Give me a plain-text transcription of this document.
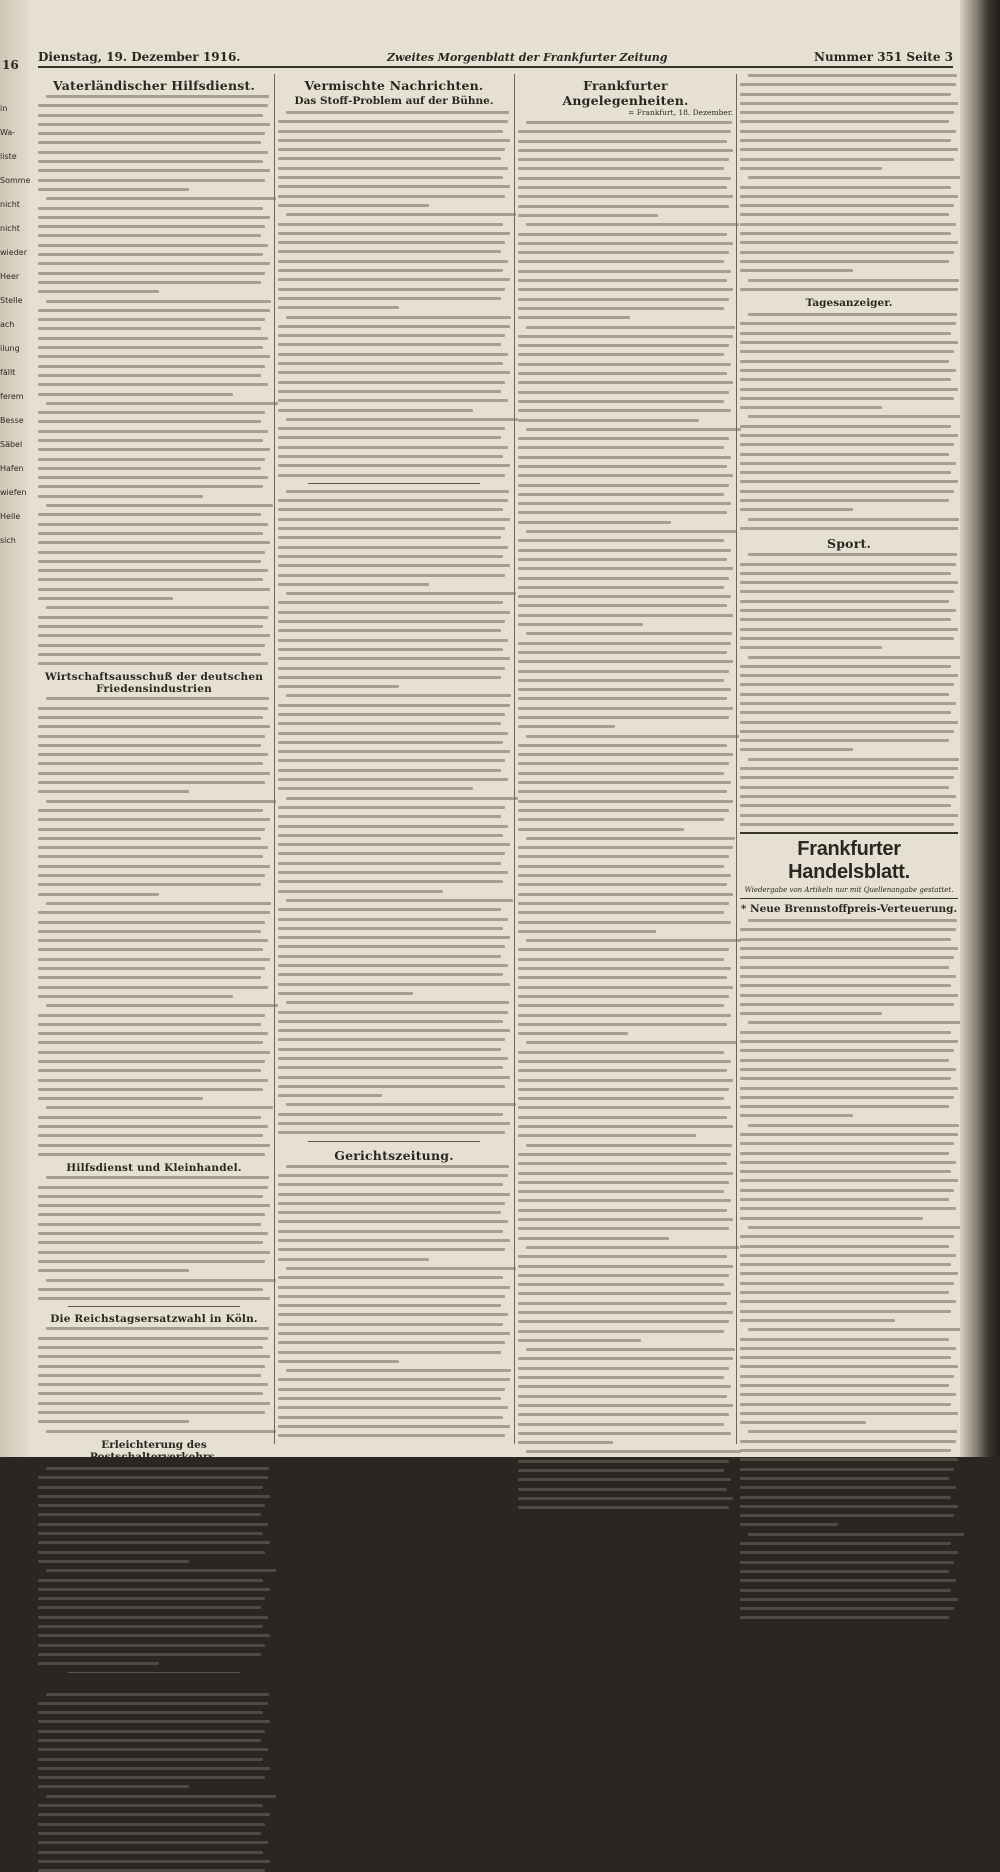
16
Dienstag, 19. Dezember 1916.	Zweites Morgenblatt der Frankfurter Zeitung	Nummer 351 Seite 3
in
Wa-
liste
Somme
nicht
nicht
wieder
Heer
Stelle
ach
ilung
fällt
ferem
Besse
Säbel
Hafen
wiefen
Helle
sich
Vaterländischer Hilfsdienst.
Wirtschaftsausschuß der deutschen Friedensindustrien
Hilfsdienst und Kleinhandel.
Die Reichstagsersatzwahl in Köln.
Erleichterung des Postschalterverkehrs.
Soda.
Vermischte Nachrichten.
Das Stoff-Problem auf der Bühne.
Gerichtszeitung.
Frankfurter Angelegenheiten.
= Frankfurt, 18. Dezember.
Tagesanzeiger.
Sport.
Frankfurter Handelsblatt.
Wiedergabe von Artikeln nur mit Quellenangabe gestattet.
* Neue Brennstoffpreis-Verteuerung.
